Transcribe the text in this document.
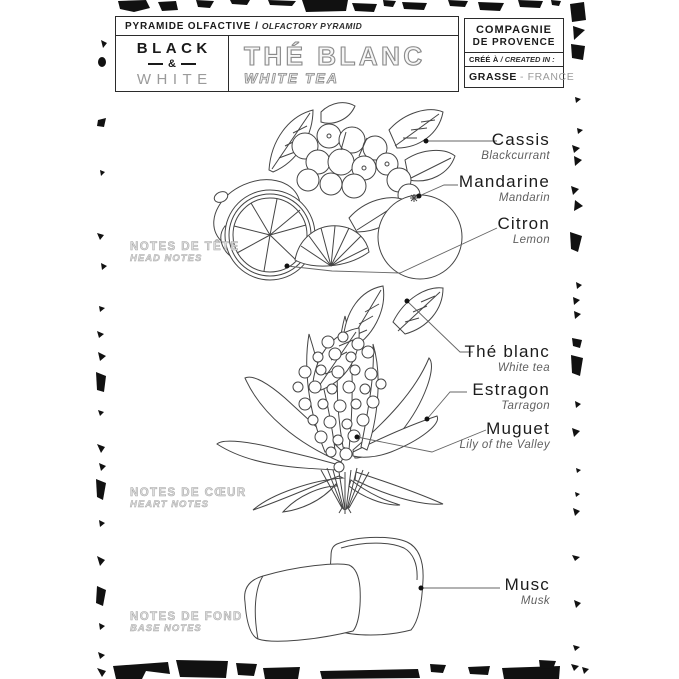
PYRAMIDE OLFACTIVE / OLFACTORY PYRAMID
BLACK
&
WHITE
THÉ BLANC
WHITE TEA
COMPAGNIE
DE PROVENCE
CRÉÉ À / CREATED IN :
GRASSE - FRANCE
NOTES DE TÊTE
HEAD NOTES
NOTES DE CŒUR
HEART NOTES
NOTES DE FOND
BASE NOTES
Cassis
Blackcurrant
Mandarine
Mandarin
Citron
Lemon
Thé blanc
White tea
Estragon
Tarragon
Muguet
Lily of the Valley
Musc
Musk
